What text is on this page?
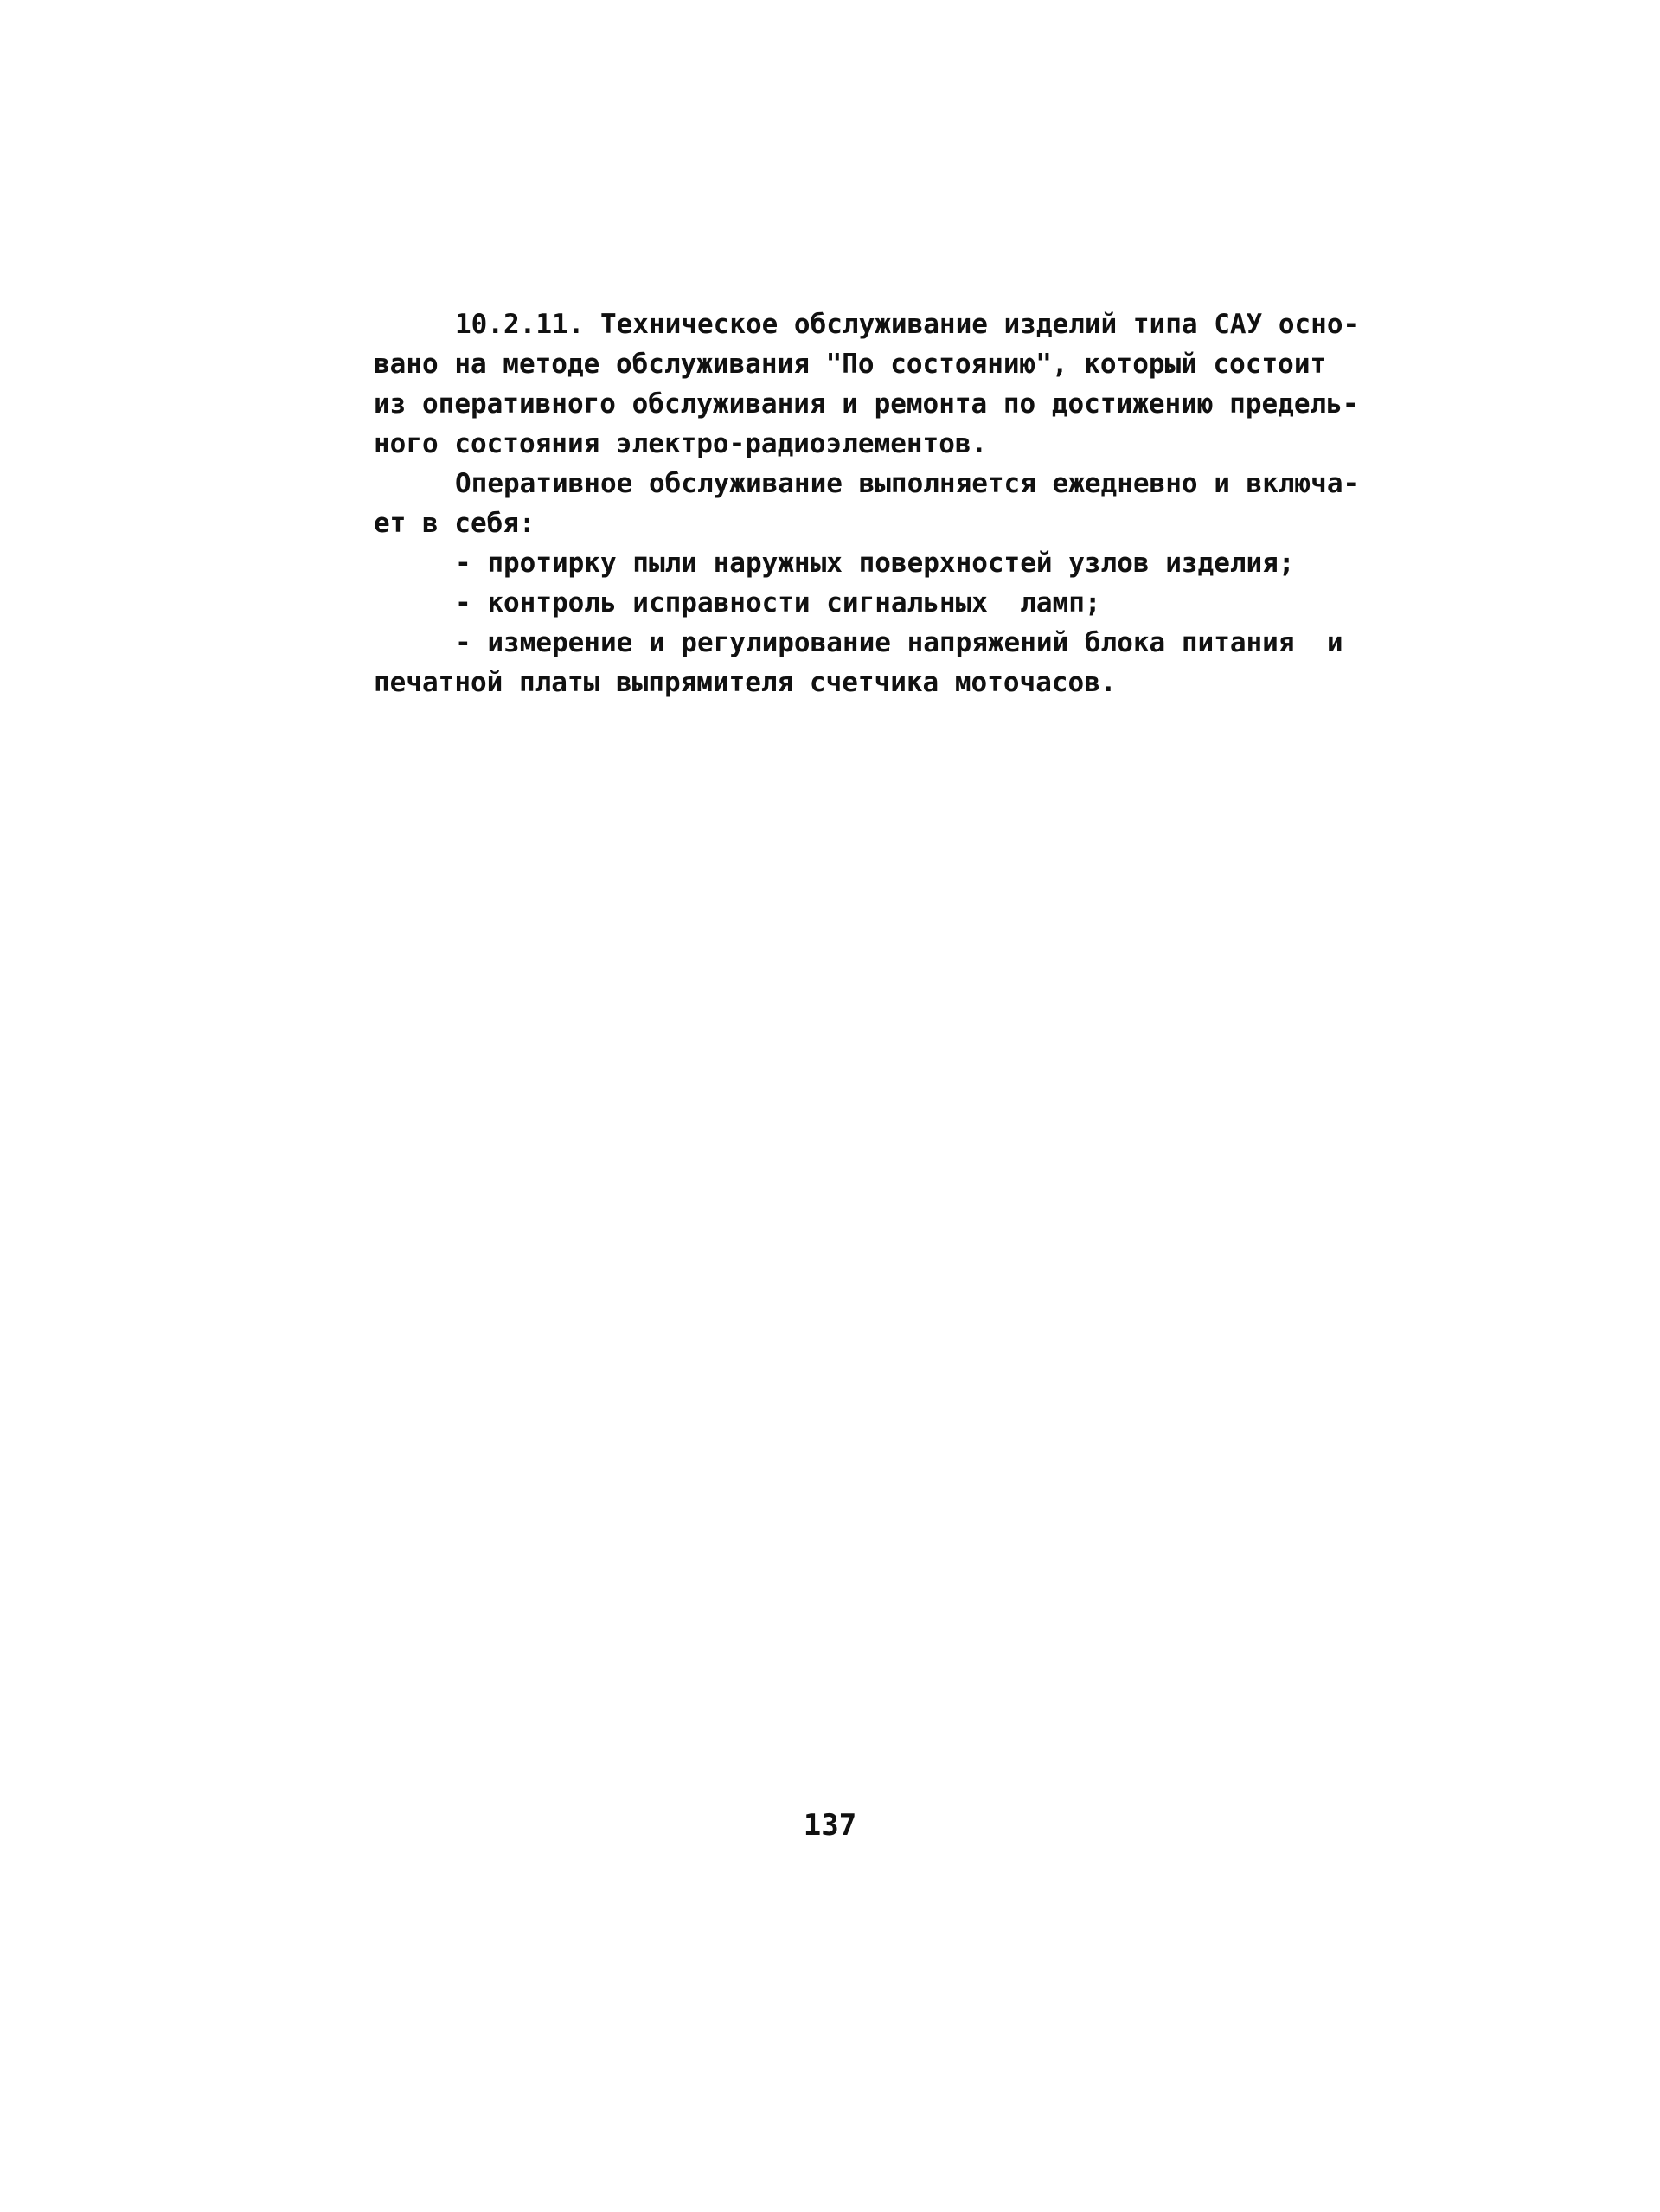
10.2.11. Техническое обслуживание изделий типа САУ осно-
вано на методе обслуживания "По состоянию", который состоит
из оперативного обслуживания и ремонта по достижению предель-
ного состояния электро-радиоэлементов.
Оперативное обслуживание выполняется ежедневно и включа-
ет в себя:
- протирку пыли наружных поверхностей узлов изделия;
- контроль исправности сигнальных  ламп;
- измерение и регулирование напряжений блока питания  и
печатной платы выпрямителя счетчика моточасов.
137
